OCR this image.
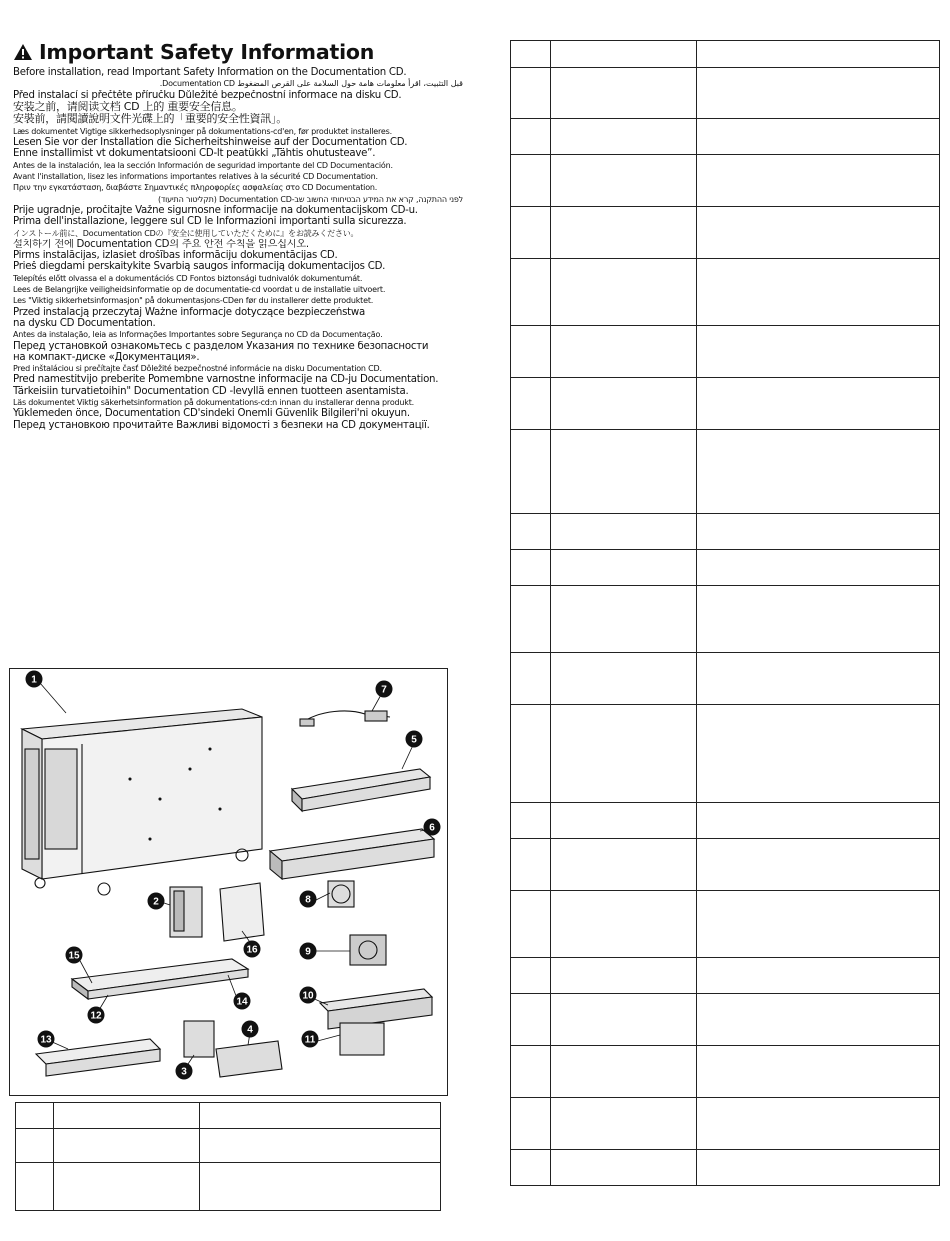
Important Safety Information
Before installation, read Important Safety Information on the Documentation CD.
قبل التثبيت، اقرأ معلومات هامة حول السلامة على القرص المضغوط Documentation CD.
Před instalací si přečtěte příručku Důležité bezpečnostní informace na disku CD.
安装之前，请阅读文档 CD 上的 重要安全信息。
安裝前，請閱讀說明文件光碟上的「重要的安全性資訊」。
Læs dokumentet Vigtige sikkerhedsoplysninger på dokumentations-cd'en, før produktet installeres.
Lesen Sie vor der Installation die Sicherheitshinweise auf der Documentation CD.
Enne installimist vt dokumentatsiooni CD-lt peatükki „Tähtis ohutusteave”.
Antes de la instalación, lea la sección Información de seguridad importante del CD Documentación.
Avant l'installation, lisez les informations importantes relatives à la sécurité CD Documentation.
Πριν την εγκατάσταση, διαβάστε Σημαντικές πληροφορίες ασφαλείας στο CD Documentation.
לפני ההתקנה, קרא את המידע הבטיחותי החשוב שב-Documentation CD (תקליטור התיעוד)
Prije ugradnje, pročitajte Važne sigurnosne informacije na dokumentacijskom CD-u.
Prima dell'installazione, leggere sul CD le Informazioni importanti sulla sicurezza.
インストール前に、Documentation CDの『安全に使用していただくために』をお読みください。
설치하기 전에 Documentation CD의 주요 안전 수칙을 읽으십시오.
Pirms instalācijas, izlasiet drošības informāciju dokumentācijas CD.
Prieš diegdami perskaitykite Svarbią saugos informaciją dokumentacijos CD.
Telepítés előtt olvassa el a dokumentációs CD Fontos biztonsági tudnivalók dokumentumát.
Lees de Belangrijke veiligheidsinformatie op de documentatie-cd voordat u de installatie uitvoert.
Les "Viktig sikkerhetsinformasjon" på dokumentasjons-CDen før du installerer dette produktet.
Przed instalacją przeczytaj Ważne informacje dotyczące bezpieczeństwa
na dysku CD Documentation.
Antes da instalação, leia as Informações Importantes sobre Segurança no CD da Documentação.
Перед установкой ознакомьтесь с разделом Указания по технике безопасности
на компакт-диске «Документация».
Pred inštaláciou si prečítajte časť Dôležité bezpečnostné informácie na disku Documentation CD.
Pred namestitvijo preberite Pomembne varnostne informacije na CD-ju Documentation.
Tärkeisiin turvatietoihin" Documentation CD -levyllä ennen tuotteen asentamista.
Läs dokumentet Viktig säkerhetsinformation på dokumentations-cd:n innan du installerar denna produkt.
Yüklemeden önce, Documentation CD'sindeki Önemli Güvenlik Bilgileri'ni okuyun.
Перед установкою прочитайте Важливі відомості з безпеки на CD документації.
1
2
3
4
5
6
7
8
9
10
11
12
13
14
15
16
